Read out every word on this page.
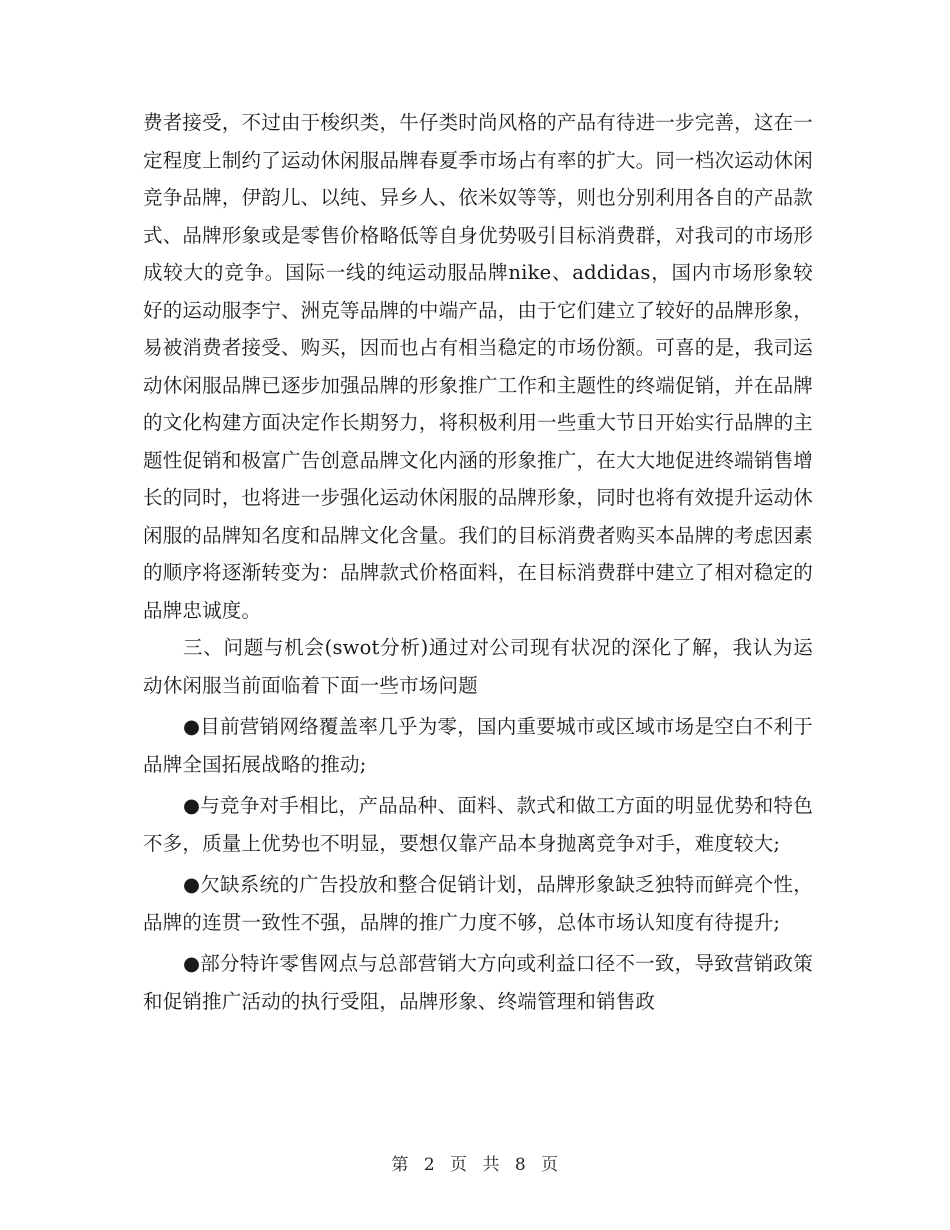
费者接受，不过由于梭织类，牛仔类时尚风格的产品有待进一步完善，这在一定程度上制约了运动休闲服品牌春夏季市场占有率的扩大。同一档次运动休闲竞争品牌，伊韵儿、以纯、异乡人、依米奴等等，则也分别利用各自的产品款式、品牌形象或是零售价格略低等自身优势吸引目标消费群，对我司的市场形成较大的竞争。国际一线的纯运动服品牌nike、addidas，国内市场形象较好的运动服李宁、洲克等品牌的中端产品，由于它们建立了较好的品牌形象，易被消费者接受、购买，因而也占有相当稳定的市场份额。可喜的是，我司运动休闲服品牌已逐步加强品牌的形象推广工作和主题性的终端促销，并在品牌的文化构建方面决定作长期努力，将积极利用一些重大节日开始实行品牌的主题性促销和极富广告创意品牌文化内涵的形象推广，在大大地促进终端销售增长的同时，也将进一步强化运动休闲服的品牌形象，同时也将有效提升运动休闲服的品牌知名度和品牌文化含量。我们的目标消费者购买本品牌的考虑因素的顺序将逐渐转变为：品牌款式价格面料，在目标消费群中建立了相对稳定的品牌忠诚度。

三、问题与机会(swot分析)通过对公司现有状况的深化了解，我认为运动休闲服当前面临着下面一些市场问题

●目前营销网络覆盖率几乎为零，国内重要城市或区域市场是空白不利于品牌全国拓展战略的推动;

●与竞争对手相比，产品品种、面料、款式和做工方面的明显优势和特色不多，质量上优势也不明显，要想仅靠产品本身抛离竞争对手，难度较大;

●欠缺系统的广告投放和整合促销计划，品牌形象缺乏独特而鲜亮个性，品牌的连贯一致性不强，品牌的推广力度不够，总体市场认知度有待提升;

●部分特许零售网点与总部营销大方向或利益口径不一致，导致营销政策和促销推广活动的执行受阻，品牌形象、终端管理和销售政

第 2 页 共 8 页
